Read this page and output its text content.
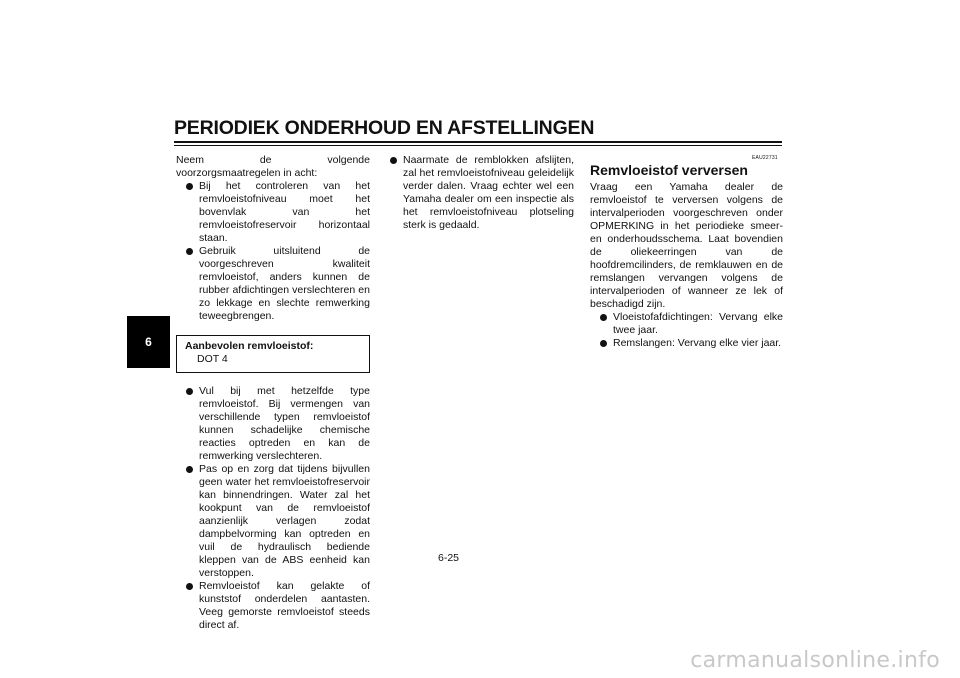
PERIODIEK ONDERHOUD EN AFSTELLINGEN
6

Neem de volgende voorzorgsmaatregelen in acht:

Bij het controleren van het remvloeistofniveau moet het bovenvlak van het remvloeistofreservoir horizontaal staan.
Gebruik uitsluitend de voorgeschreven kwaliteit remvloeistof, anders kunnen de rubber afdichtingen verslechteren en zo lekkage en slechte remwerking teweegbrengen.
Aanbevolen remvloeistof:
DOT 4
Vul bij met hetzelfde type remvloeistof. Bij vermengen van verschillende typen remvloeistof kunnen schadelijke chemische reacties optreden en kan de remwerking verslechteren.
Pas op en zorg dat tijdens bijvullen geen water het remvloeistofreservoir kan binnendringen. Water zal het kookpunt van de remvloeistof aanzienlijk verlagen zodat dampbelvorming kan optreden en vuil de hydraulisch bediende kleppen van de ABS eenheid kan verstoppen.
Remvloeistof kan gelakte of kunststof onderdelen aantasten. Veeg gemorste remvloeistof steeds direct af.
Naarmate de remblokken afslijten, zal het remvloeistofniveau geleidelijk verder dalen. Vraag echter wel een Yamaha dealer om een inspectie als het remvloeistofniveau plotseling sterk is gedaald.
EAU22731
Remvloeistof verversen

Vraag een Yamaha dealer de remvloeistof te verversen volgens de intervalperioden voorgeschreven onder OPMERKING in het periodieke smeer- en onderhoudsschema. Laat bovendien de oliekeerringen van de hoofdremcilinders, de remklauwen en de remslangen vervangen volgens de intervalperioden of wanneer ze lek of beschadigd zijn.

Vloeistofafdichtingen: Vervang elke twee jaar.
Remslangen: Vervang elke vier jaar.
6-25
carmanualsonline.info
